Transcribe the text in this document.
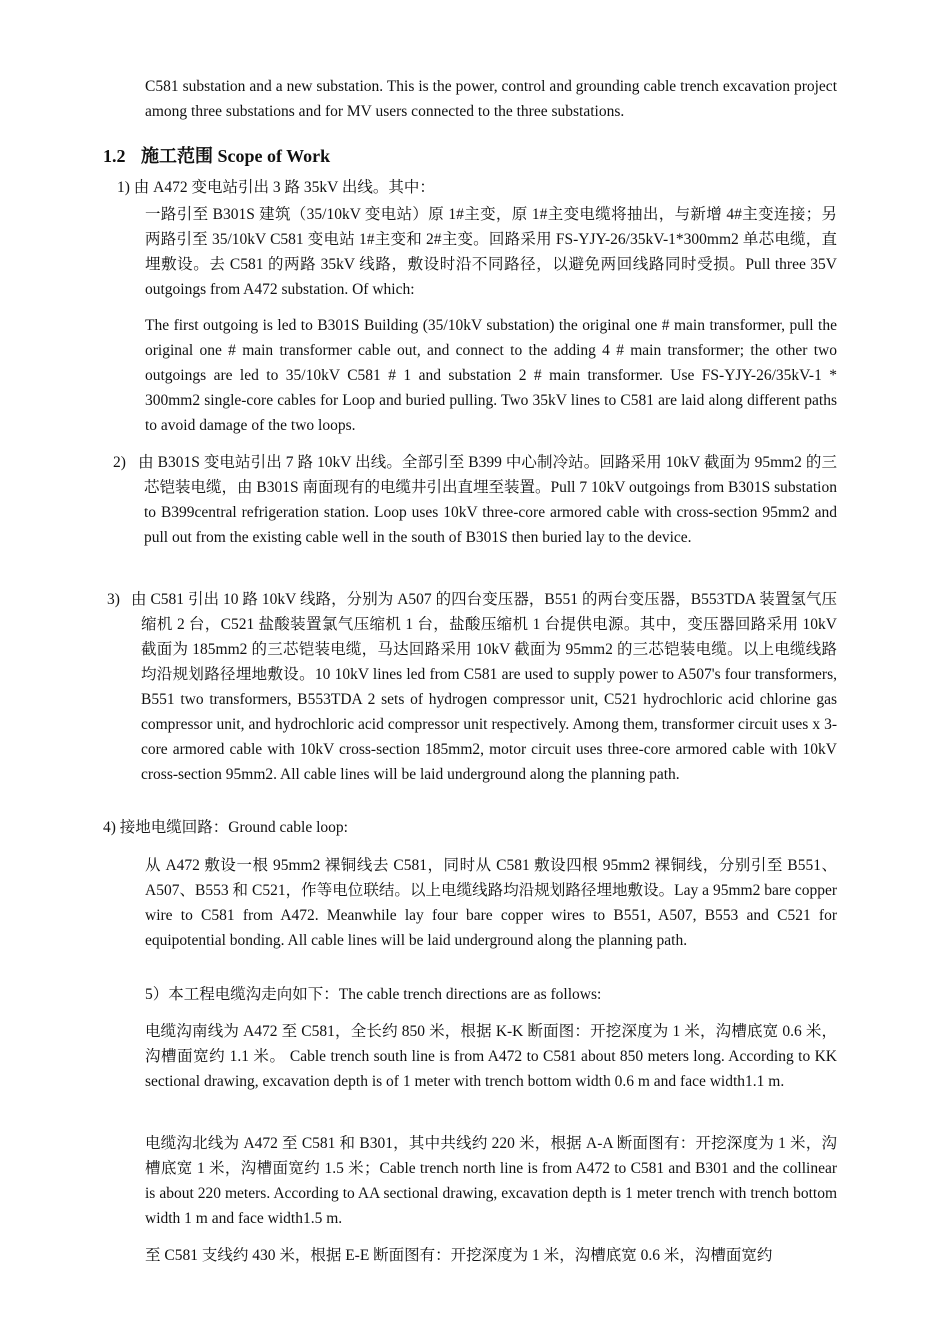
C581 substation and a new substation. This is the power, control and grounding cable trench excavation project among three substations and for MV users connected to the three substations.

1.2 施工范围 Scope of Work
1) 由 A472 变电站引出 3 路 35kV 出线。其中：

一路引至 B301S 建筑（35/10kV 变电站）原 1#主变，原 1#主变电缆将抽出，与新增 4#主变连接；另两路引至 35/10kV C581 变电站 1#主变和 2#主变。回路采用 FS-YJY-26/35kV-1*300mm2 单芯电缆，直埋敷设。去 C581 的两路 35kV 线路，敷设时沿不同路径，以避免两回线路同时受损。Pull three 35V outgoings from A472 substation. Of which:

The first outgoing is led to B301S Building (35/10kV substation) the original one # main transformer, pull the original one # main transformer cable out, and connect to the adding 4 # main transformer; the other two outgoings are led to 35/10kV C581 # 1 and substation 2 # main transformer. Use FS-YJY-26/35kV-1 * 300mm2 single-core cables for Loop and buried pulling. Two 35kV lines to C581 are laid along different paths to avoid damage of the two loops.

2) 由 B301S 变电站引出 7 路 10kV 出线。全部引至 B399 中心制冷站。回路采用 10kV 截面为 95mm2 的三芯铠装电缆，由 B301S 南面现有的电缆井引出直埋至装置。Pull 7 10kV outgoings from B301S substation to B399central refrigeration station. Loop uses 10kV three-core armored cable with cross-section 95mm2 and pull out from the existing cable well in the south of B301S then buried lay to the device.

3) 由 C581 引出 10 路 10kV 线路，分别为 A507 的四台变压器，B551 的两台变压器，B553TDA 装置氢气压缩机 2 台，C521 盐酸装置氯气压缩机 1 台，盐酸压缩机 1 台提供电源。其中，变压器回路采用 10kV 截面为 185mm2 的三芯铠装电缆，马达回路采用 10kV 截面为 95mm2 的三芯铠装电缆。以上电缆线路均沿规划路径埋地敷设。10 10kV lines led from C581 are used to supply power to A507's four transformers, B551 two transformers, B553TDA 2 sets of hydrogen compressor unit, C521 hydrochloric acid chlorine gas compressor unit, and hydrochloric acid compressor unit respectively. Among them, transformer circuit uses x 3-core armored cable with 10kV cross-section 185mm2, motor circuit uses three-core armored cable with 10kV cross-section 95mm2. All cable lines will be laid underground along the planning path.

4) 接地电缆回路：Ground cable loop:

从 A472 敷设一根 95mm2 裸铜线去 C581，同时从 C581 敷设四根 95mm2 裸铜线，分别引至 B551、A507、B553 和 C521，作等电位联结。以上电缆线路均沿规划路径埋地敷设。Lay a 95mm2 bare copper wire to C581 from A472. Meanwhile lay four bare copper wires to B551, A507, B553 and C521 for equipotential bonding. All cable lines will be laid underground along the planning path.

5）本工程电缆沟走向如下：The cable trench directions are as follows:

电缆沟南线为 A472 至 C581，全长约 850 米，根据 K-K 断面图：开挖深度为 1 米，沟槽底宽 0.6 米，沟槽面宽约 1.1 米。 Cable trench south line is from A472 to C581 about 850 meters long. According to KK sectional drawing, excavation depth is of 1 meter with trench bottom width 0.6 m and face width1.1 m.

电缆沟北线为 A472 至 C581 和 B301，其中共线约 220 米，根据 A-A 断面图有：开挖深度为 1 米，沟槽底宽 1 米，沟槽面宽约 1.5 米；Cable trench north line is from A472 to C581 and B301 and the collinear is about 220 meters. According to AA sectional drawing, excavation depth is 1 meter trench with trench bottom width 1 m and face width1.5 m.

至 C581 支线约 430 米，根据 E-E 断面图有：开挖深度为 1 米，沟槽底宽 0.6 米，沟槽面宽约
